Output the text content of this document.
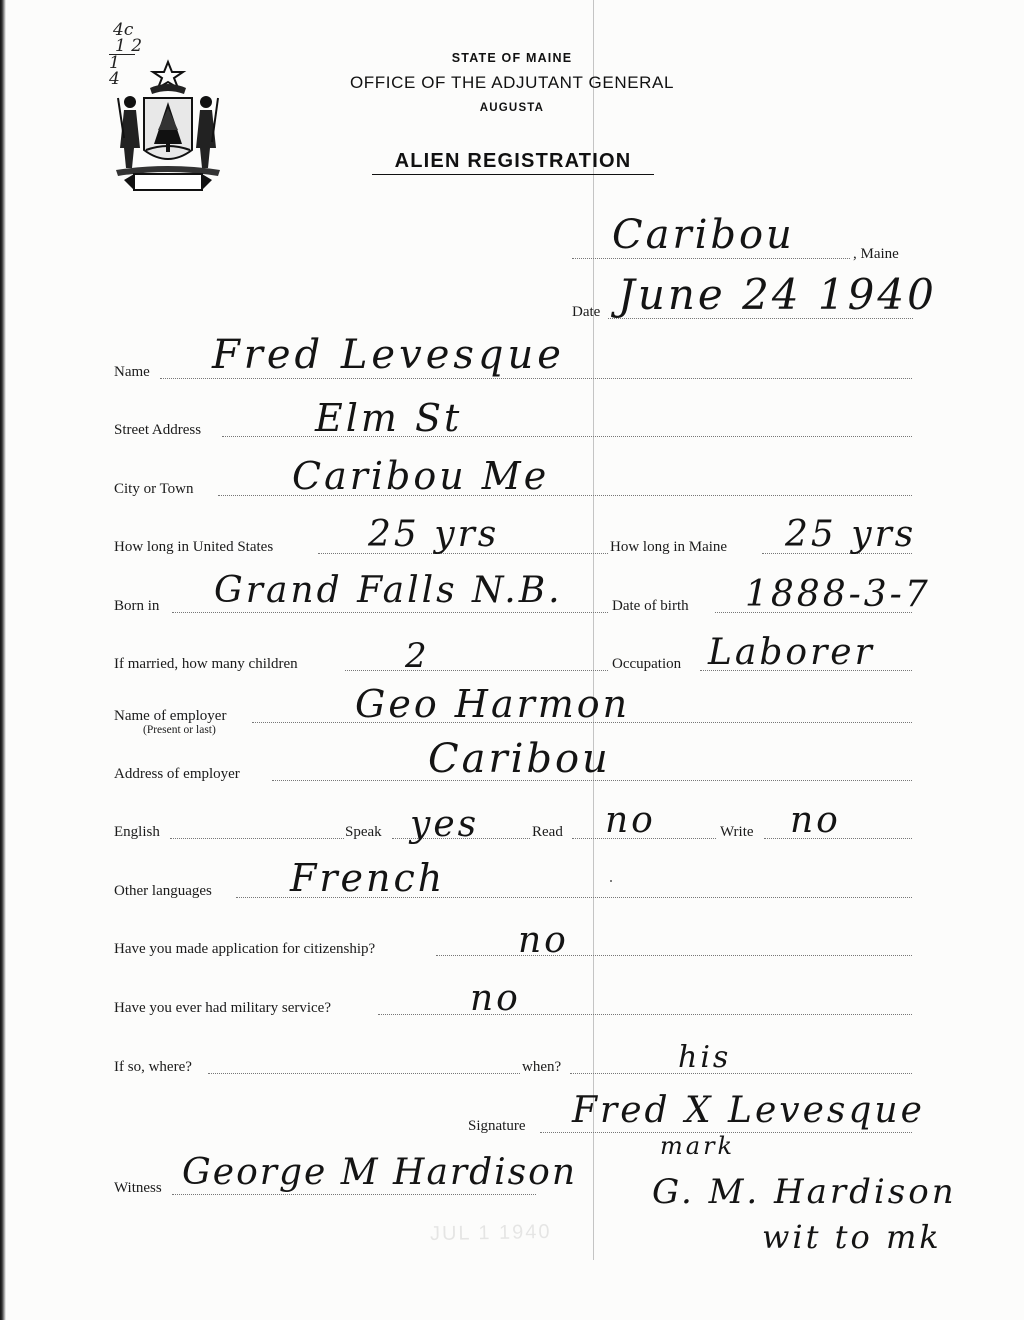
4c
1 2
1 4
STATE OF MAINE
OFFICE OF THE ADJUTANT GENERAL
AUGUSTA
ALIEN REGISTRATION
Caribou	, Maine
Date June 24 1940
Name Fred Levesque
Street Address	Elm St
City or Town	Caribou Me
How long in United States	25 yrs	How long in Maine 25 yrs
Born in Grand Falls N.B.	Date of birth 1888-3-7
If married, how many children	2	Occupation Laborer
Name of employer
(Present or last)
Geo Harmon
Address of employer	Caribou
English	Speak yes	Read no	Write no
Other languages French
Have you made application for citizenship?	no
Have you ever had military service?	no
If so, where?	when?	his
Signature Fred X Levesque
mark
Witness George M Hardison G. M. Hardison
wit to mk
JUL 1 1940
